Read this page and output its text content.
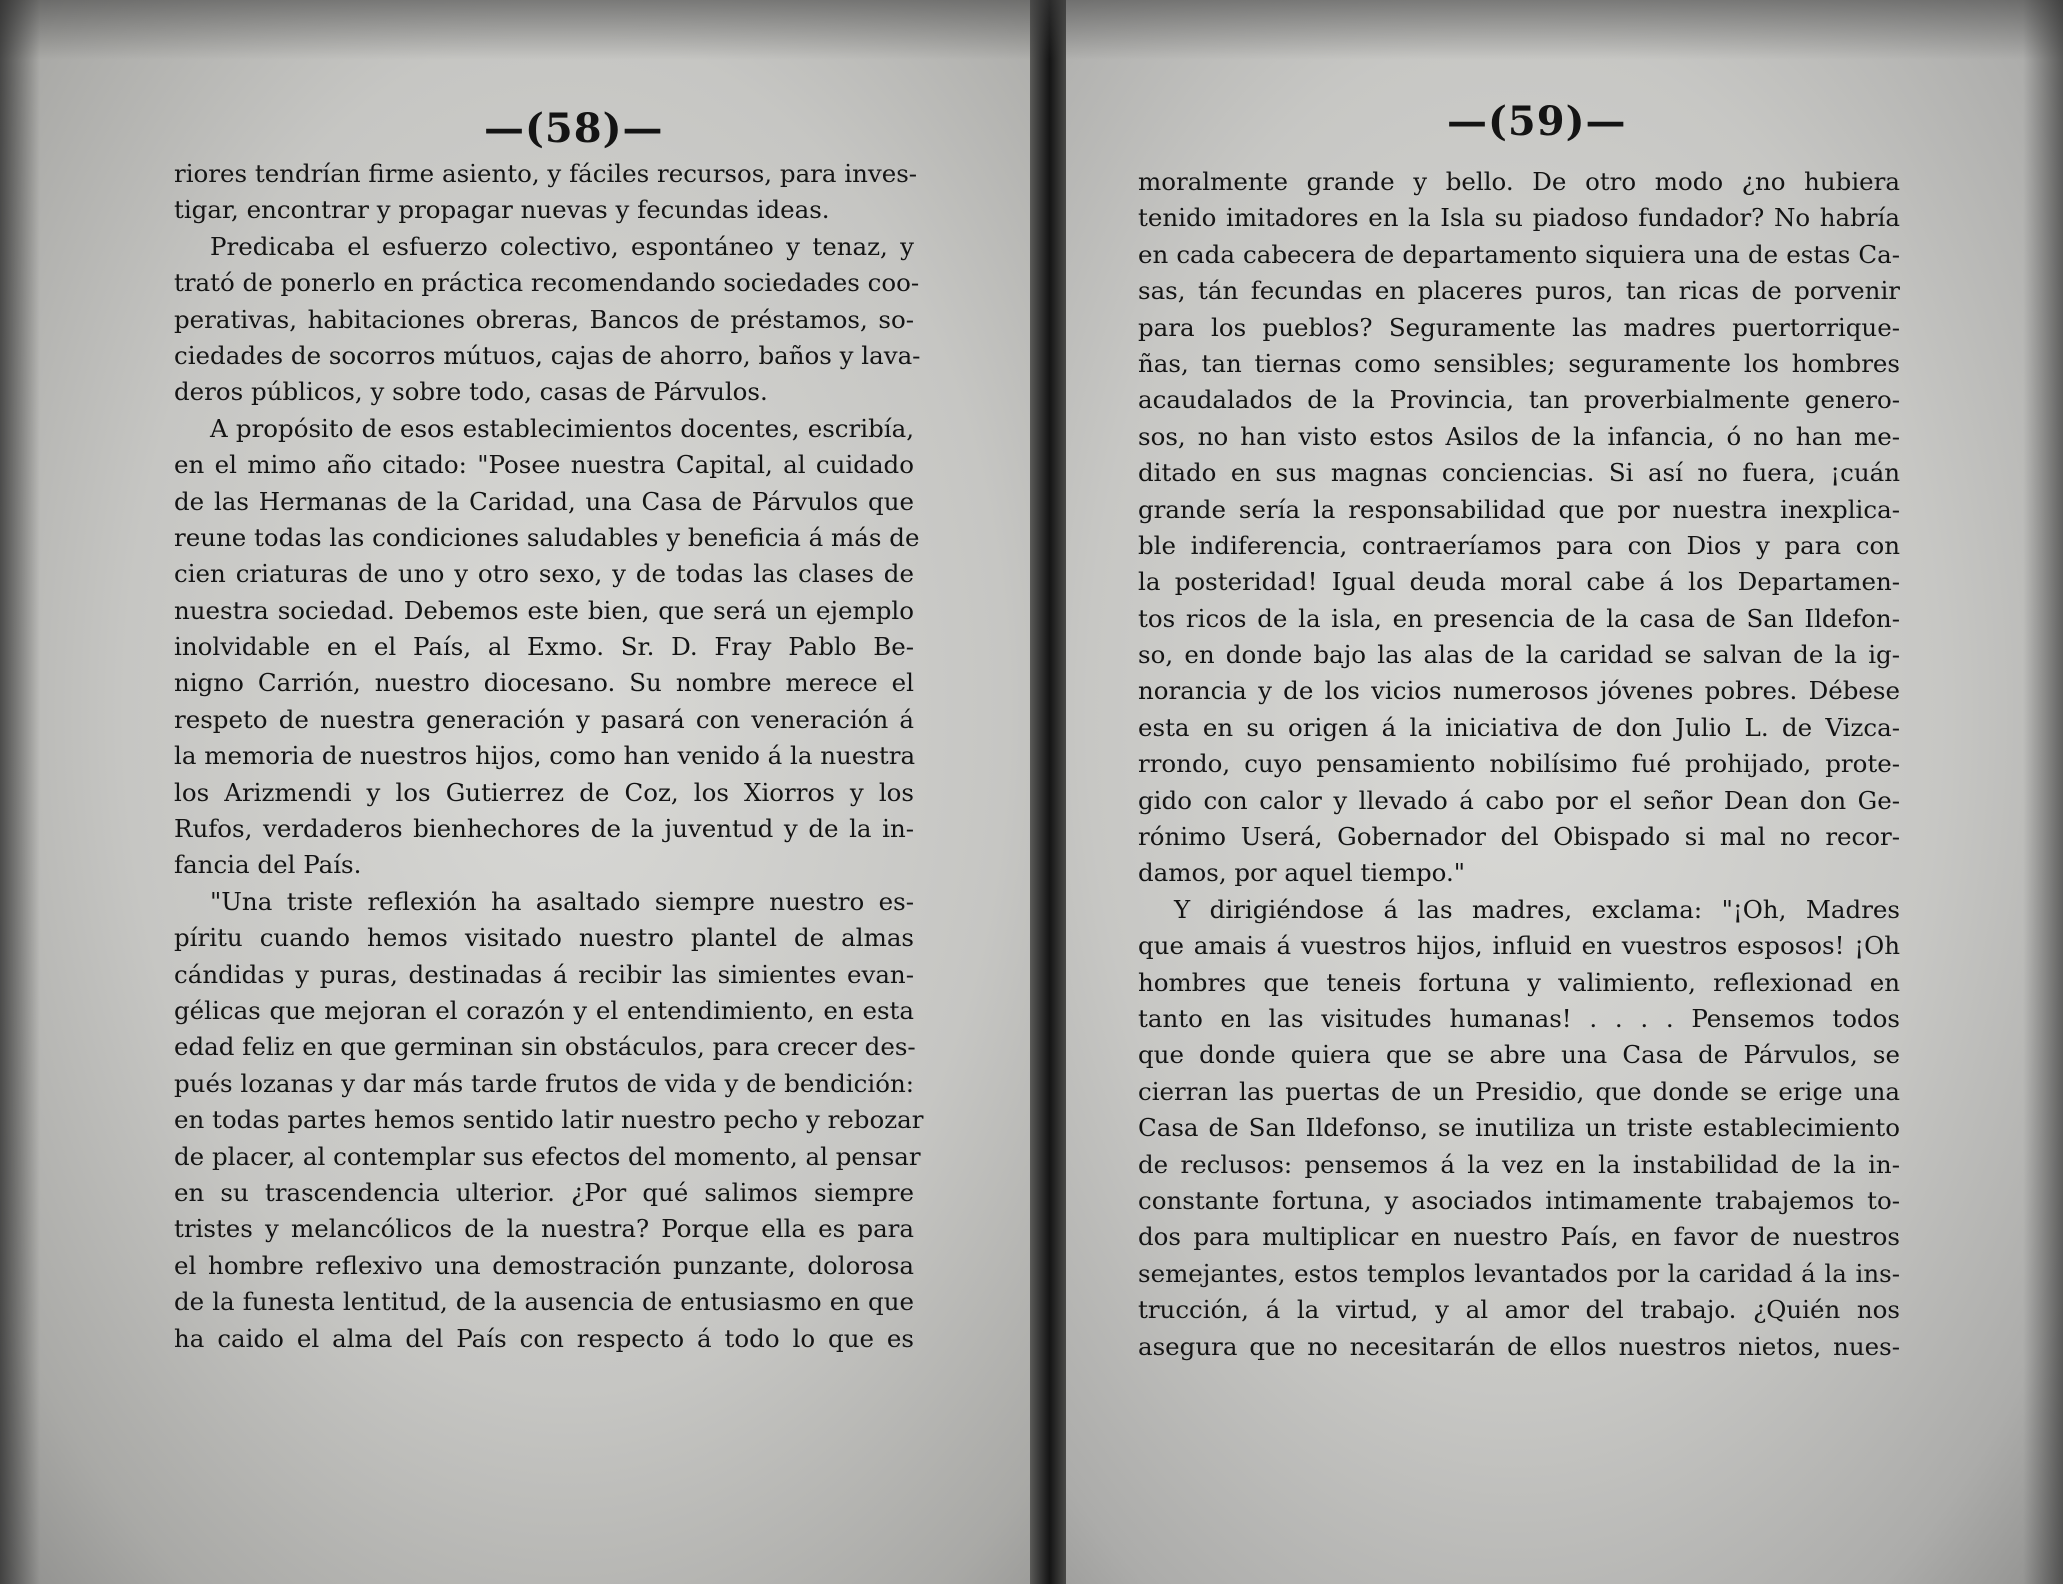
—(58)—
riores tendrían firme asiento, y fáciles recursos, para inves-
tigar, encontrar y propagar nuevas y fecundas ideas.
Predicaba el esfuerzo colectivo, espontáneo y tenaz, y
trató de ponerlo en práctica recomendando sociedades coo-
perativas, habitaciones obreras, Bancos de préstamos, so-
ciedades de socorros mútuos, cajas de ahorro, baños y lava-
deros públicos, y sobre todo, casas de Párvulos.
A propósito de esos establecimientos docentes, escribía,
en el mimo año citado: "Posee nuestra Capital, al cuidado
de las Hermanas de la Caridad, una Casa de Párvulos que
reune todas las condiciones saludables y beneficia á más de
cien criaturas de uno y otro sexo, y de todas las clases de
nuestra sociedad. Debemos este bien, que será un ejemplo
inolvidable en el País, al Exmo. Sr. D. Fray Pablo Be-
nigno Carrión, nuestro diocesano. Su nombre merece el
respeto de nuestra generación y pasará con veneración á
la memoria de nuestros hijos, como han venido á la nuestra
los Arizmendi y los Gutierrez de Coz, los Xiorros y los
Rufos, verdaderos bienhechores de la juventud y de la in-
fancia del País.
"Una triste reflexión ha asaltado siempre nuestro es-
píritu cuando hemos visitado nuestro plantel de almas
cándidas y puras, destinadas á recibir las simientes evan-
gélicas que mejoran el corazón y el entendimiento, en esta
edad feliz en que germinan sin obstáculos, para crecer des-
pués lozanas y dar más tarde frutos de vida y de bendición:
en todas partes hemos sentido latir nuestro pecho y rebozar
de placer, al contemplar sus efectos del momento, al pensar
en su trascendencia ulterior. ¿Por qué salimos siempre
tristes y melancólicos de la nuestra? Porque ella es para
el hombre reflexivo una demostración punzante, dolorosa
de la funesta lentitud, de la ausencia de entusiasmo en que
ha caido el alma del País con respecto á todo lo que es
—(59)—
moralmente grande y bello. De otro modo ¿no hubiera
tenido imitadores en la Isla su piadoso fundador? No habría
en cada cabecera de departamento siquiera una de estas Ca-
sas, tán fecundas en placeres puros, tan ricas de porvenir
para los pueblos? Seguramente las madres puertorrique-
ñas, tan tiernas como sensibles; seguramente los hombres
acaudalados de la Provincia, tan proverbialmente genero-
sos, no han visto estos Asilos de la infancia, ó no han me-
ditado en sus magnas conciencias. Si así no fuera, ¡cuán
grande sería la responsabilidad que por nuestra inexplica-
ble indiferencia, contraeríamos para con Dios y para con
la posteridad! Igual deuda moral cabe á los Departamen-
tos ricos de la isla, en presencia de la casa de San Ildefon-
so, en donde bajo las alas de la caridad se salvan de la ig-
norancia y de los vicios numerosos jóvenes pobres. Débese
esta en su origen á la iniciativa de don Julio L. de Vizca-
rrondo, cuyo pensamiento nobilísimo fué prohijado, prote-
gido con calor y llevado á cabo por el señor Dean don Ge-
rónimo Userá, Gobernador del Obispado si mal no recor-
damos, por aquel tiempo."
Y dirigiéndose á las madres, exclama: "¡Oh, Madres
que amais á vuestros hijos, influid en vuestros esposos! ¡Oh
hombres que teneis fortuna y valimiento, reflexionad en
tanto en las visitudes humanas! . . . . Pensemos todos
que donde quiera que se abre una Casa de Párvulos, se
cierran las puertas de un Presidio, que donde se erige una
Casa de San Ildefonso, se inutiliza un triste establecimiento
de reclusos: pensemos á la vez en la instabilidad de la in-
constante fortuna, y asociados intimamente trabajemos to-
dos para multiplicar en nuestro País, en favor de nuestros
semejantes, estos templos levantados por la caridad á la ins-
trucción, á la virtud, y al amor del trabajo. ¿Quién nos
asegura que no necesitarán de ellos nuestros nietos, nues-
